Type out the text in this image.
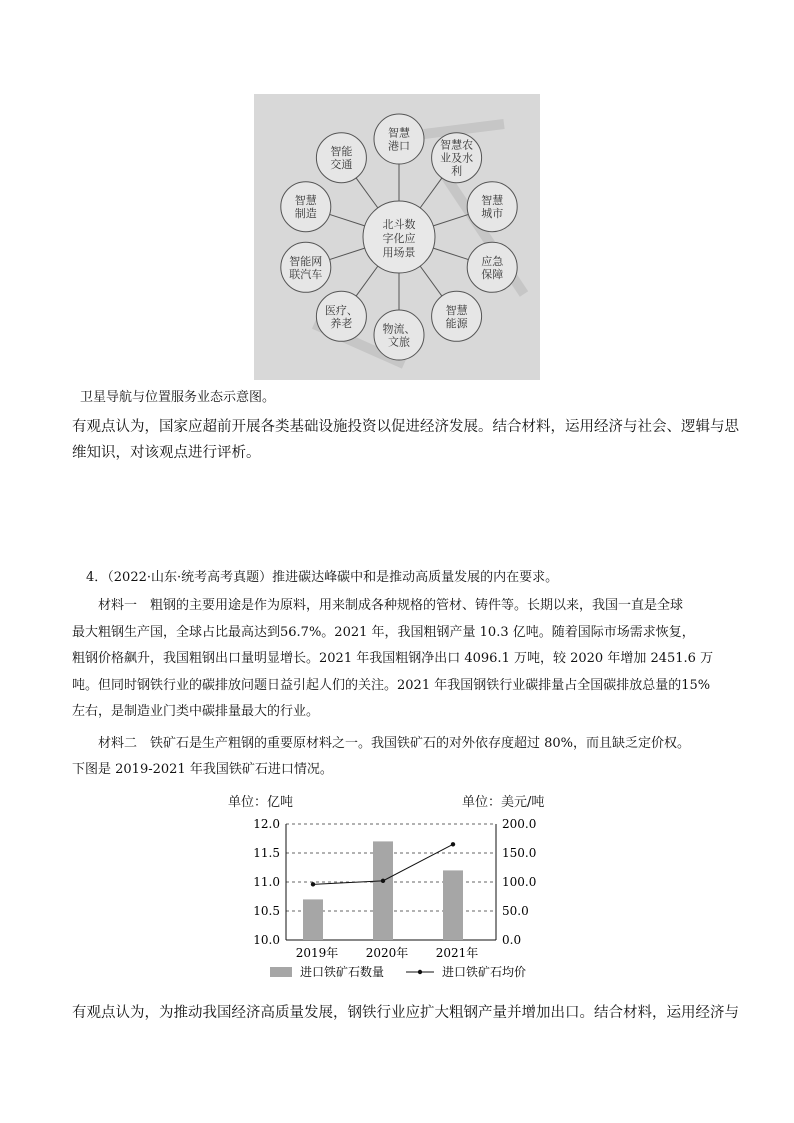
智慧
港口	智慧农
业及水
利
智慧
城市
应急
保障
智慧
能源
物流、
文旅
医疗、
养老
智能网
联汽车
智慧
制造
智能
交通
北斗数
字化应
用场景
卫星导航与位置服务业态示意图。
有观点认为，国家应超前开展各类基础设施投资以促进经济发展。结合材料，运用经济与社会、逻辑与思
维知识，对该观点进行评析。
4．（2022·山东·统考高考真题）推进碳达峰碳中和是推动高质量发展的内在要求。
材料一　粗钢的主要用途是作为原料，用来制成各种规格的管材、铸件等。长期以来，我国一直是全球
最大粗钢生产国，全球占比最高达到56.7%。2021 年，我国粗钢产量 10.3 亿吨。随着国际市场需求恢复，
粗钢价格飙升，我国粗钢出口量明显增长。2021 年我国粗钢净出口 4096.1 万吨，较 2020 年增加 2451.6 万
吨。但同时钢铁行业的碳排放问题日益引起人们的关注。2021 年我国钢铁行业碳排量占全国碳排放总量的15%
左右，是制造业门类中碳排量最大的行业。
材料二　铁矿石是生产粗钢的重要原材料之一。我国铁矿石的对外依存度超过 80%，而且缺乏定价权。
下图是 2019-2021 年我国铁矿石进口情况。
单位：亿吨	单位：美元/吨
10.0
10.5
11.0
11.5
12.0
0.0
50.0
100.0
150.0
200.0
2019年 2020年 2021年
进口铁矿石数量	进口铁矿石均价
有观点认为，为推动我国经济高质量发展，钢铁行业应扩大粗钢产量并增加出口。结合材料，运用经济与
